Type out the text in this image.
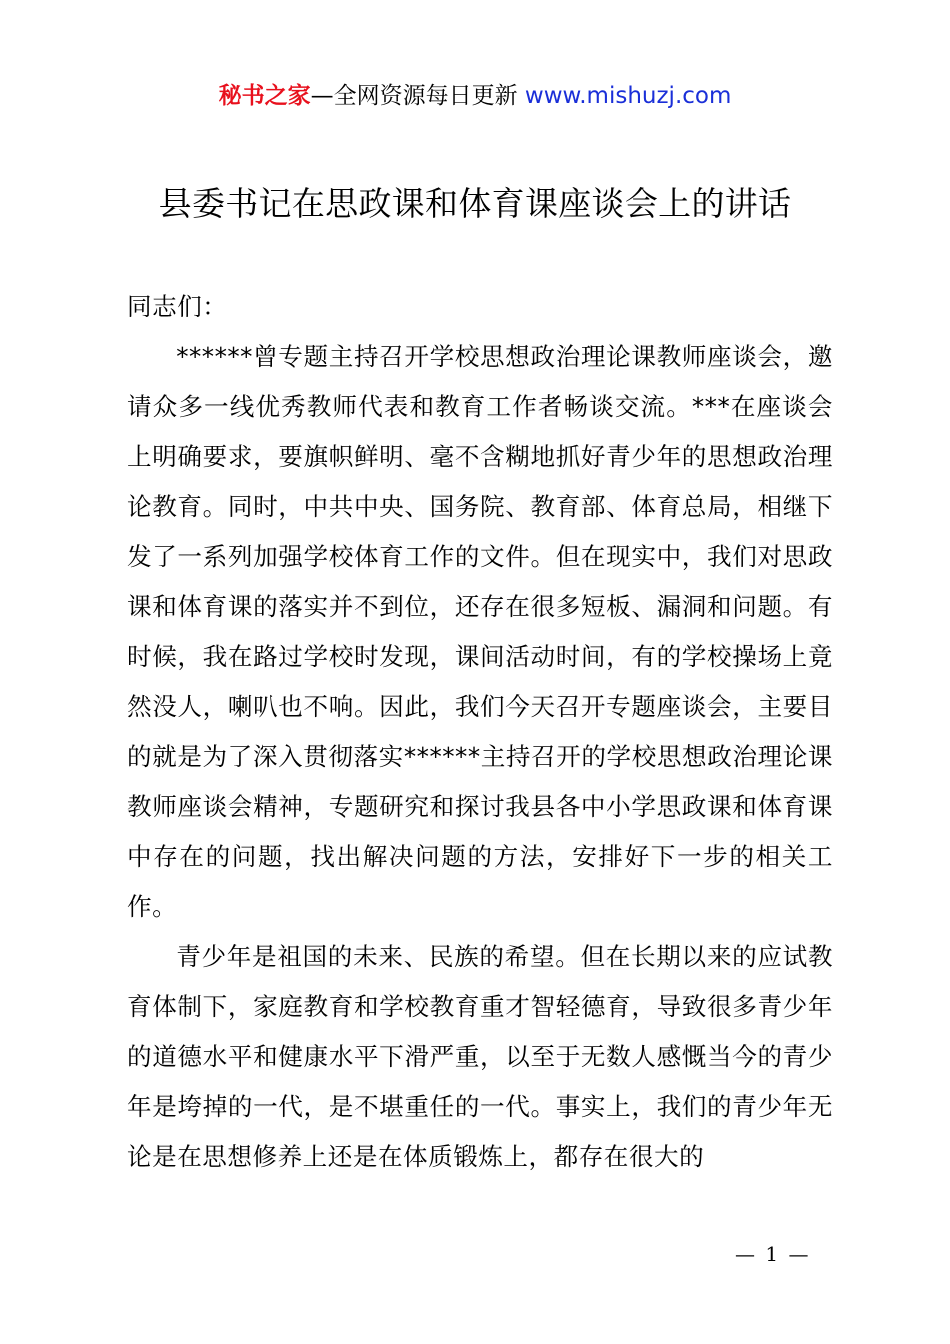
秘书之家—全网资源每日更新 www.mishuzj.com
县委书记在思政课和体育课座谈会上的讲话

同志们：

******曾专题主持召开学校思想政治理论课教师座谈会，邀请众多一线优秀教师代表和教育工作者畅谈交流。***在座谈会上明确要求，要旗帜鲜明、毫不含糊地抓好青少年的思想政治理论教育。同时，中共中央、国务院、教育部、体育总局，相继下发了一系列加强学校体育工作的文件。但在现实中，我们对思政课和体育课的落实并不到位，还存在很多短板、漏洞和问题。有时候，我在路过学校时发现，课间活动时间，有的学校操场上竟然没人，喇叭也不响。因此，我们今天召开专题座谈会，主要目的就是为了深入贯彻落实******主持召开的学校思想政治理论课教师座谈会精神，专题研究和探讨我县各中小学思政课和体育课中存在的问题，找出解决问题的方法，安排好下一步的相关工作。

青少年是祖国的未来、民族的希望。但在长期以来的应试教育体制下，家庭教育和学校教育重才智轻德育，导致很多青少年的道德水平和健康水平下滑严重，以至于无数人感慨当今的青少年是垮掉的一代，是不堪重任的一代。事实上，我们的青少年无论是在思想修养上还是在体质锻炼上，都存在很大的

— 1 —
